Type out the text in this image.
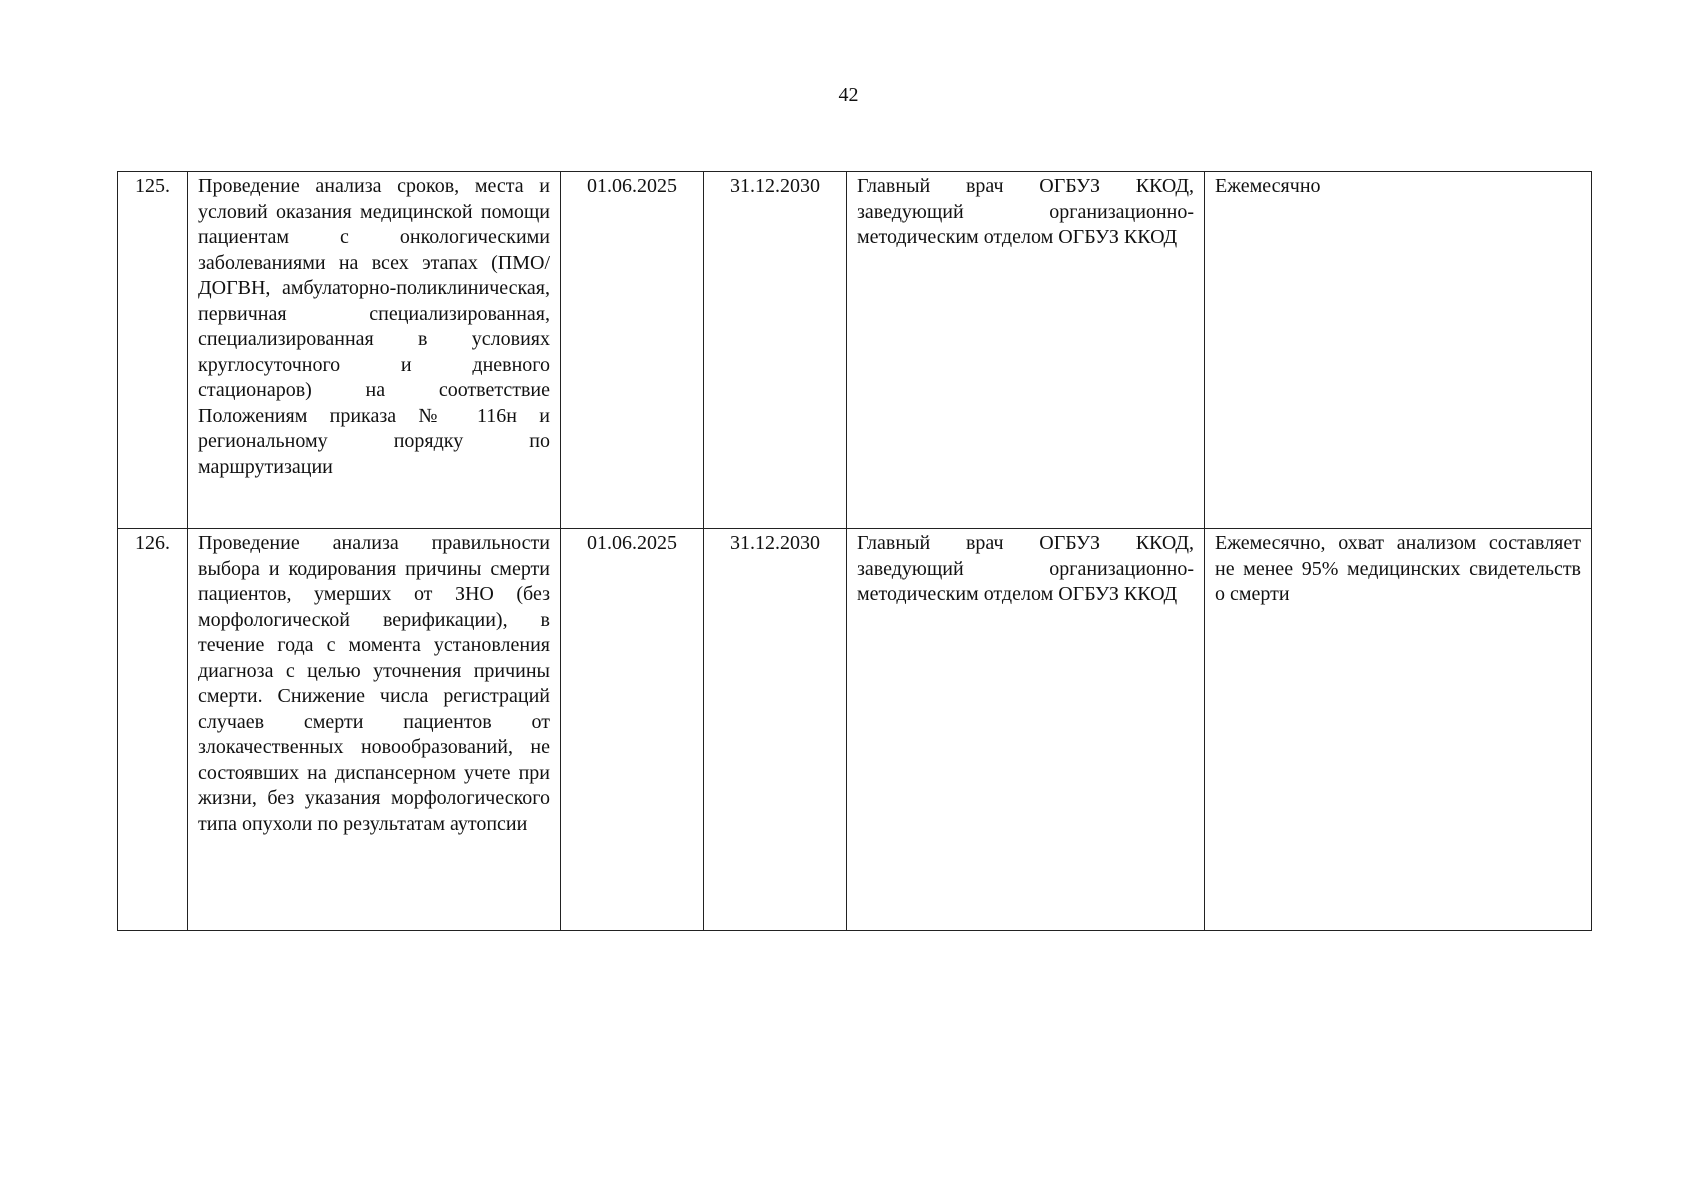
42
125.	Проведение анализа сроков, места и условий оказания медицинской помощи пациентам с онкологическими заболеваниями на всех этапах (ПМО/ДОГВН, амбулаторно-поликлиническая, первичная специализированная, специализированная в условиях круглосуточного и дневного стационаров) на соответствие Положениям приказа № 116н и региональному порядку по маршрутизации	01.06.2025	31.12.2030	Главный врач ОГБУЗ ККОД, заведующий организационно-методическим отделом ОГБУЗ ККОД	Ежемесячно

126.	Проведение анализа правильности выбора и кодирования причины смерти пациентов, умерших от ЗНО (без морфологической верификации), в течение года с момента установления диагноза с целью уточнения причины смерти. Снижение числа регистраций случаев смерти пациентов от злокачественных новообразований, не состоявших на диспансерном учете при жизни, без указания морфологического типа опухоли по результатам аутопсии	01.06.2025	31.12.2030	Главный врач ОГБУЗ ККОД, заведующий организационно-методическим отделом ОГБУЗ ККОД	Ежемесячно, охват анализом составляет не менее 95% медицинских свидетельств о смерти
